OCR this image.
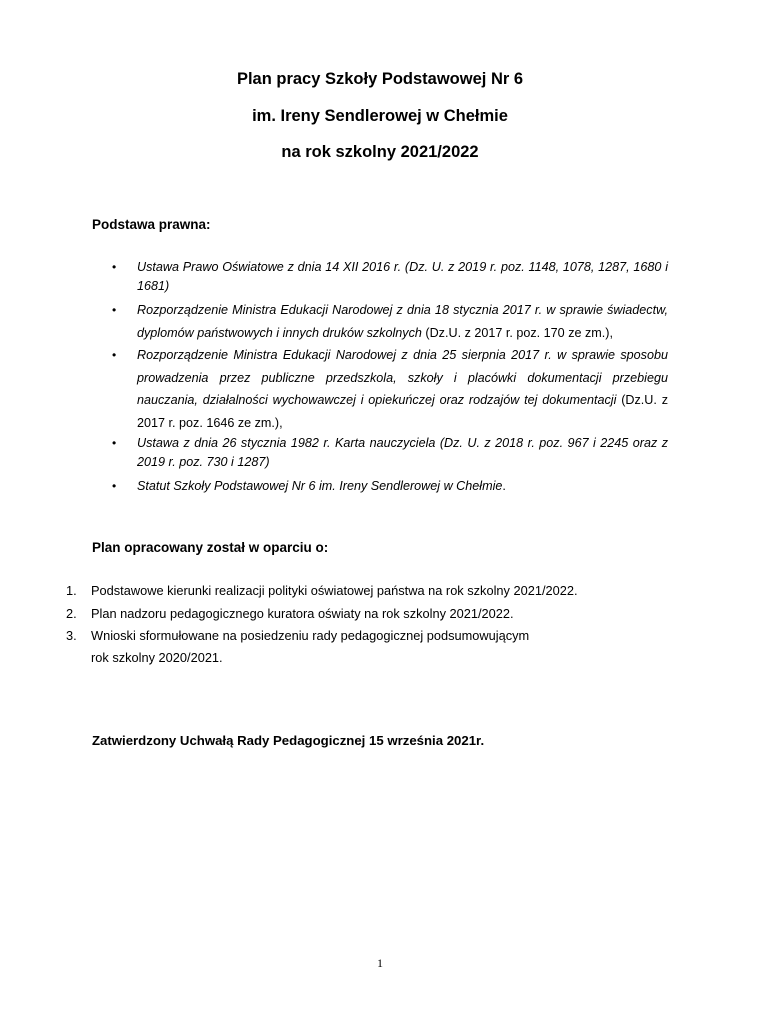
Plan pracy Szkoły Podstawowej Nr 6
im. Ireny Sendlerowej w Chełmie
na rok szkolny 2021/2022
Podstawa prawna:
• Ustawa Prawo Oświatowe z dnia 14 XII 2016 r. (Dz. U. z 2019 r. poz. 1148, 1078, 1287, 1680 i 1681)
• Rozporządzenie Ministra Edukacji Narodowej z dnia 18 stycznia 2017 r. w sprawie świadectw, dyplomów państwowych i innych druków szkolnych (Dz.U. z 2017 r. poz. 170 ze zm.),
• Rozporządzenie Ministra Edukacji Narodowej z dnia 25 sierpnia 2017 r. w sprawie sposobu prowadzenia przez publiczne przedszkola, szkoły i placówki dokumentacji przebiegu nauczania, działalności wychowawczej i opiekuńczej oraz rodzajów tej dokumentacji (Dz.U. z 2017 r. poz. 1646 ze zm.),
• Ustawa z dnia 26 stycznia 1982 r. Karta nauczyciela (Dz. U. z 2018 r. poz. 967 i 2245 oraz z 2019 r. poz. 730 i 1287)
• Statut Szkoły Podstawowej Nr 6 im. Ireny Sendlerowej w Chełmie.
Plan opracowany został w oparciu o:
1. Podstawowe kierunki realizacji polityki oświatowej państwa na rok szkolny 2021/2022.
2. Plan nadzoru pedagogicznego kuratora oświaty na rok szkolny 2021/2022.
3. Wnioski sformułowane na posiedzeniu rady pedagogicznej podsumowującym
rok szkolny 2020/2021.
Zatwierdzony Uchwałą Rady Pedagogicznej 15 września 2021r.
1
